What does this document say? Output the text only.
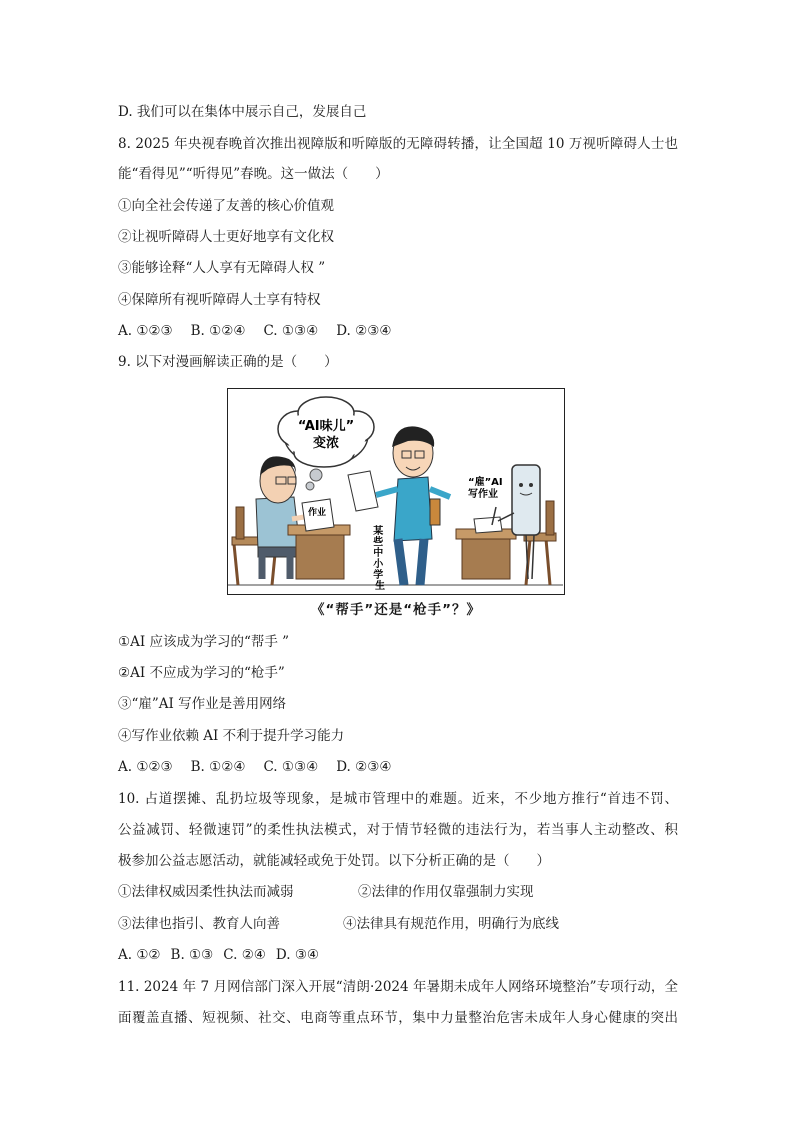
D. 我们可以在集体中展示自己，发展自己
8. 2025 年央视春晚首次推出视障版和听障版的无障碍转播，让全国超 10 万视听障碍人士也
能“看得见”“听得见”春晚。这一做法（　　）
①向全社会传递了友善的核心价值观
②让视听障碍人士更好地享有文化权
③能够诠释“人人享有无障碍人权 ”
④保障所有视听障碍人士享有特权
A. ①②③ B. ①②④ C. ①③④ D. ②③④
9. 以下对漫画解读正确的是（　　）
“AI味儿”
变浓
作业
某 些 中 小 学 生
“雇”AI
写作业
《“帮手”还是“枪手”？》
①AI 应该成为学习的“帮手 ”
②AI 不应成为学习的“枪手”
③“雇”AI 写作业是善用网络
④写作业依赖 AI 不利于提升学习能力
A. ①②③ B. ①②④ C. ①③④ D. ②③④
10. 占道摆摊、乱扔垃圾等现象，是城市管理中的难题。近来，不少地方推行“首违不罚、
公益减罚、轻微速罚”的柔性执法模式，对于情节轻微的违法行为，若当事人主动整改、积
极参加公益志愿活动，就能减轻或免于处罚。以下分析正确的是（　　）
①法律权威因柔性执法而减弱	②法律的作用仅靠强制力实现
③法律也指引、教育人向善	④法律具有规范作用，明确行为底线
A. ①② B. ①③ C. ②④ D. ③④
11. 2024 年 7 月网信部门深入开展“清朗·2024 年暑期未成年人网络环境整治”专项行动，全
面覆盖直播、短视频、社交、电商等重点环节，集中力量整治危害未成年人身心健康的突出
